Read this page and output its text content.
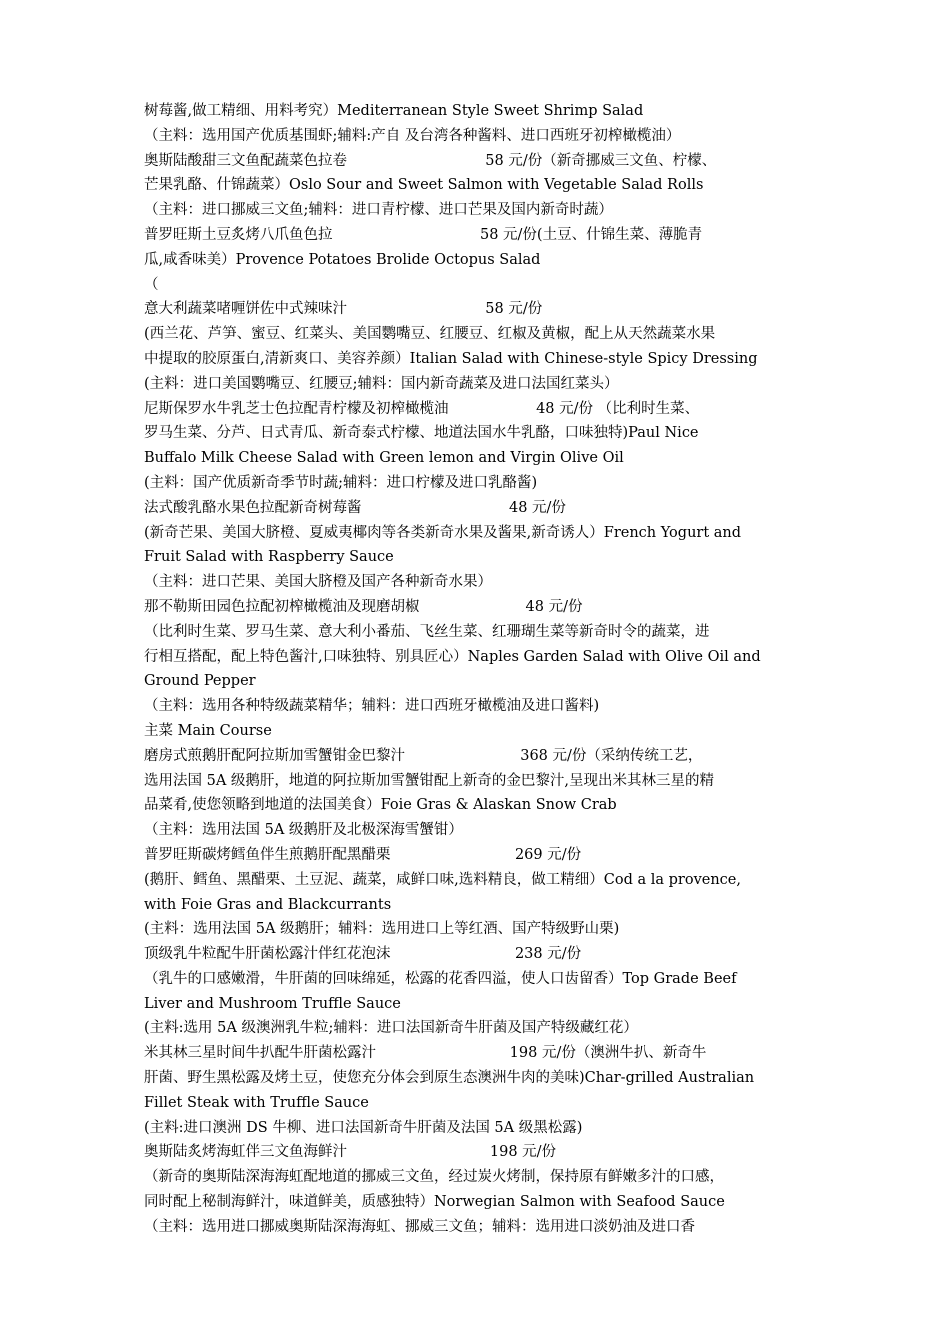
树莓酱,做工精细、用料考究）Mediterranean Style Sweet Shrimp Salad
（主料：选用国产优质基围虾;辅料:产自 及台湾各种酱料、进口西班牙初榨橄榄油）
奥斯陆酸甜三文鱼配蔬菜色拉卷                              58 元/份（新奇挪威三文鱼、柠檬、
芒果乳酪、什锦蔬菜）Oslo Sour and Sweet Salmon with Vegetable Salad Rolls
（主料：进口挪威三文鱼;辅料：进口青柠檬、进口芒果及国内新奇时蔬）
普罗旺斯土豆炙烤八爪鱼色拉                                58 元/份(土豆、什锦生菜、薄脆青
瓜,咸香味美）Provence Potatoes Brolide Octopus Salad
（
意大利蔬菜啫喱饼佐中式辣味汁                              58 元/份
(西兰花、芦笋、蜜豆、红菜头、美国鹦嘴豆、红腰豆、红椒及黄椒，配上从天然蔬菜水果
中提取的胶原蛋白,清新爽口、美容养颜）Italian Salad with Chinese-style Spicy Dressing
(主料：进口美国鹦嘴豆、红腰豆;辅料：国内新奇蔬菜及进口法国红菜头）
尼斯保罗水牛乳芝士色拉配青柠檬及初榨橄榄油                   48 元/份 （比利时生菜、
罗马生菜、分芦、日式青瓜、新奇泰式柠檬、地道法国水牛乳酪，口味独特)Paul Nice
Buffalo Milk Cheese Salad with Green lemon and Virgin Olive Oil
(主料：国产优质新奇季节时蔬;辅料：进口柠檬及进口乳酪酱)
法式酸乳酪水果色拉配新奇树莓酱                                48 元/份
(新奇芒果、美国大脐橙、夏威夷椰肉等各类新奇水果及酱果,新奇诱人）French Yogurt and
Fruit Salad with Raspberry Sauce
（主料：进口芒果、美国大脐橙及国产各种新奇水果）
那不勒斯田园色拉配初榨橄榄油及现磨胡椒                       48 元/份
（比利时生菜、罗马生菜、意大利小番茄、飞丝生菜、红珊瑚生菜等新奇时令的蔬菜，进
行相互搭配，配上特色酱汁,口味独特、别具匠心）Naples Garden Salad with Olive Oil and
Ground Pepper
（主料：选用各种特级蔬菜精华；辅料：进口西班牙橄榄油及进口酱料)
主菜 Main Course
磨房式煎鹅肝配阿拉斯加雪蟹钳金巴黎汁                         368 元/份（采纳传统工艺，
选用法国 5A 级鹅肝，地道的阿拉斯加雪蟹钳配上新奇的金巴黎汁,呈现出米其林三星的精
品菜肴,使您领略到地道的法国美食）Foie Gras & Alaskan Snow Crab
（主料：选用法国 5A 级鹅肝及北极深海雪蟹钳）
普罗旺斯碳烤鳕鱼伴生煎鹅肝配黑醋栗                           269 元/份
(鹅肝、鳕鱼、黑醋栗、土豆泥、蔬菜，咸鲜口味,选料精良，做工精细）Cod a la provence,
with Foie Gras and Blackcurrants
(主料：选用法国 5A 级鹅肝；辅料：选用进口上等红酒、国产特级野山栗)
顶级乳牛粒配牛肝菌松露汁伴红花泡沫                           238 元/份
（乳牛的口感嫩滑，牛肝菌的回味绵延，松露的花香四溢，使人口齿留香）Top Grade Beef
Liver and Mushroom Truffle Sauce
(主料:选用 5A 级澳洲乳牛粒;辅料：进口法国新奇牛肝菌及国产特级藏红花）
米其林三星时间牛扒配牛肝菌松露汁                             198 元/份（澳洲牛扒、新奇牛
肝菌、野生黑松露及烤土豆，使您充分体会到原生态澳洲牛肉的美味)Char-grilled Australian
Fillet Steak with Truffle Sauce
(主料:进口澳洲 DS 牛柳、进口法国新奇牛肝菌及法国 5A 级黑松露)
奥斯陆炙烤海虹伴三文鱼海鲜汁                               198 元/份
（新奇的奥斯陆深海海虹配地道的挪威三文鱼，经过炭火烤制，保持原有鲜嫩多汁的口感，
同时配上秘制海鲜汁，味道鲜美，质感独特）Norwegian Salmon with Seafood Sauce
（主料：选用进口挪威奥斯陆深海海虹、挪威三文鱼；辅料：选用进口淡奶油及进口香
